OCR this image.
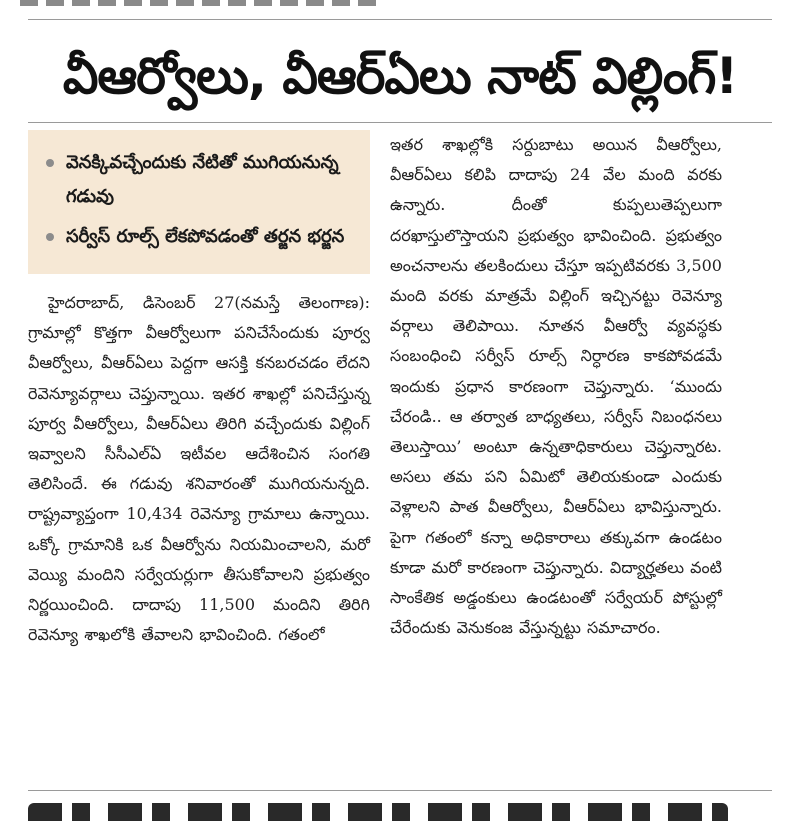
వీఆర్వోలు, వీఆర్ఏలు నాట్ విల్లింగ్!
వెనక్కివచ్చేందుకు నేటితో ముగియనున్న గడువు
సర్వీస్ రూల్స్ లేకపోవడంతో తర్జన భర్జన

హైదరాబాద్, డిసెంబర్ 27(నమస్తే తెలంగాణ): గ్రామాల్లో కొత్తగా వీఆర్వోలుగా పనిచేసేందుకు పూర్వ వీఆర్వోలు, వీఆర్ఏలు పెద్దగా ఆసక్తి కనబరచడం లేదని రెవెన్యూవర్గాలు చెప్తున్నాయి. ఇతర శాఖల్లో పనిచేస్తున్న పూర్వ వీఆర్వోలు, వీఆర్ఏలు తిరిగి వచ్చేందుకు విల్లింగ్ ఇవ్వాలని సీసీఎల్ఏ ఇటీవల ఆదేశించిన సంగతి తెలిసిందే. ఈ గడువు శనివారంతో ముగియనున్నది. రాష్ట్రవ్యాప్తంగా 10,434 రెవెన్యూ గ్రామాలు ఉన్నాయి. ఒక్కో గ్రామానికి ఒక వీఆర్వోను నియమించాలని, మరో వెయ్యి మందిని సర్వేయర్లుగా తీసుకోవాలని ప్రభుత్వం నిర్ణయించింది. దాదాపు 11,500 మందిని తిరిగి రెవెన్యూ శాఖలోకి తేవాలని భావించింది. గతంలో

ఇతర శాఖల్లోకి సర్దుబాటు అయిన వీఆర్వోలు, వీఆర్ఏలు కలిపి దాదాపు 24 వేల మంది వరకు ఉన్నారు. దీంతో కుప్పలుతెప్పలుగా దరఖాస్తులొస్తాయని ప్రభుత్వం భావించింది. ప్రభుత్వం అంచనాలను తలకిందులు చేస్తూ ఇప్పటివరకు 3,500 మంది వరకు మాత్రమే విల్లింగ్ ఇచ్చినట్టు రెవెన్యూ వర్గాలు తెలిపాయి. నూతన వీఆర్వో వ్యవస్థకు సంబంధించి సర్వీస్ రూల్స్ నిర్ధారణ కాకపోవడమే ఇందుకు ప్రధాన కారణంగా చెప్తున్నారు. ‘ముందు చేరండి.. ఆ తర్వాత బాధ్యతలు, సర్వీస్ నిబంధనలు తెలుస్తాయి’ అంటూ ఉన్నతాధికారులు చెప్తున్నారట. అసలు తమ పని ఏమిటో తెలియకుండా ఎందుకు వెళ్లాలని పాత వీఆర్వోలు, వీఆర్ఏలు భావిస్తున్నారు. పైగా గతంలో కన్నా అధికారాలు తక్కువగా ఉండటం కూడా మరో కారణంగా చెప్తున్నారు. విద్యార్హతలు వంటి సాంకేతిక అడ్డంకులు ఉండటంతో సర్వేయర్ పోస్టుల్లో చేరేందుకు వెనుకంజ వేస్తున్నట్టు సమాచారం.
